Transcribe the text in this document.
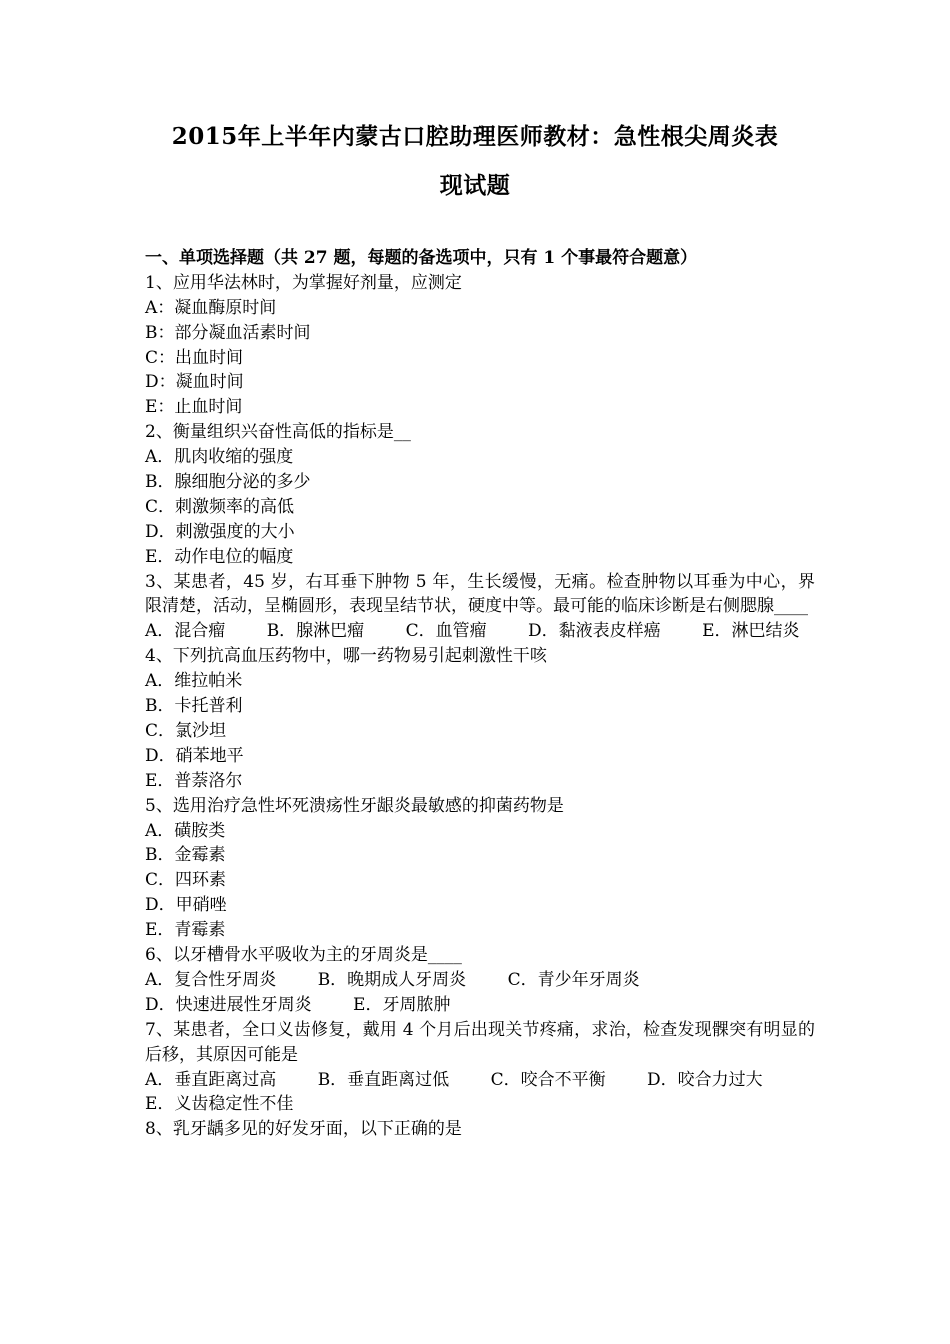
2015年上半年内蒙古口腔助理医师教材：急性根尖周炎表
现试题
一、单项选择题（共 27 题，每题的备选项中，只有 1 个事最符合题意）
1、应用华法林时，为掌握好剂量，应测定
A：凝血酶原时间
B：部分凝血活素时间
C：出血时间
D：凝血时间
E：止血时间
2、衡量组织兴奋性高低的指标是__
A．肌肉收缩的强度
B．腺细胞分泌的多少
C．刺激频率的高低
D．刺激强度的大小
E．动作电位的幅度
3、某患者，45 岁，右耳垂下肿物 5 年，生长缓慢，无痛。检查肿物以耳垂为中心，界限清楚，活动，呈椭圆形，表现呈结节状，硬度中等。最可能的临床诊断是右侧腮腺____
A．混合瘤 B．腺淋巴瘤 C．血管瘤 D．黏液表皮样癌 E．淋巴结炎
4、下列抗高血压药物中，哪一药物易引起刺激性干咳
A．维拉帕米
B．卡托普利
C．氯沙坦
D．硝苯地平
E．普萘洛尔
5、选用治疗急性坏死溃疡性牙龈炎最敏感的抑菌药物是
A．磺胺类
B．金霉素
C．四环素
D．甲硝唑
E．青霉素
6、以牙槽骨水平吸收为主的牙周炎是____
A．复合性牙周炎 B．晚期成人牙周炎 C．青少年牙周炎 D．快速进展性牙周炎 E．牙周脓肿
7、某患者，全口义齿修复，戴用 4 个月后出现关节疼痛，求治，检查发现髁突有明显的后移，其原因可能是
A．垂直距离过高 B．垂直距离过低 C．咬合不平衡 D．咬合力过大 E．义齿稳定性不佳
8、乳牙龋多见的好发牙面，以下正确的是
